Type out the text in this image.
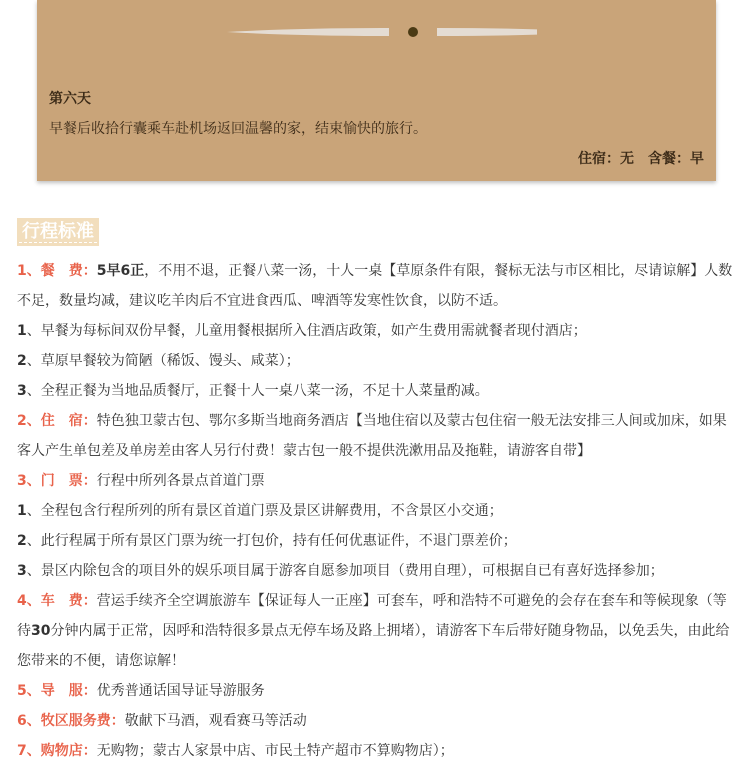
第六天
早餐后收拾行囊乘车赴机场返回温馨的家，结束愉快的旅行。
住宿：无 含餐：早
行程标准

1、餐　费：5早6正，不用不退，正餐八菜一汤，十人一桌【草原条件有限，餐标无法与市区相比，尽请谅解】人数不足，数量均减，建议吃羊肉后不宜进食西瓜、啤酒等发寒性饮食，以防不适。

1、早餐为每标间双份早餐，儿童用餐根据所入住酒店政策，如产生费用需就餐者现付酒店；

2、草原早餐较为简陋（稀饭、馒头、咸菜）；

3、全程正餐为当地品质餐厅，正餐十人一桌八菜一汤，不足十人菜量酌减。

2、住　宿：特色独卫蒙古包、鄂尔多斯当地商务酒店【当地住宿以及蒙古包住宿一般无法安排三人间或加床，如果客人产生单包差及单房差由客人另行付费！蒙古包一般不提供洗漱用品及拖鞋，请游客自带】

3、门　票：行程中所列各景点首道门票

1、全程包含行程所列的所有景区首道门票及景区讲解费用，不含景区小交通；

2、此行程属于所有景区门票为统一打包价，持有任何优惠证件，不退门票差价；

3、景区内除包含的项目外的娱乐项目属于游客自愿参加项目（费用自理），可根据自已有喜好选择参加；

4、车　费：营运手续齐全空调旅游车【保证每人一正座】可套车，呼和浩特不可避免的会存在套车和等候现象（等待30分钟内属于正常，因呼和浩特很多景点无停车场及路上拥堵），请游客下车后带好随身物品，以免丢失，由此给您带来的不便，请您谅解！

5、导　服：优秀普通话国导证导游服务

6、牧区服务费：敬献下马酒，观看赛马等活动

7、购物店：无购物；蒙古人家景中店、市民土特产超市不算购物店）；
